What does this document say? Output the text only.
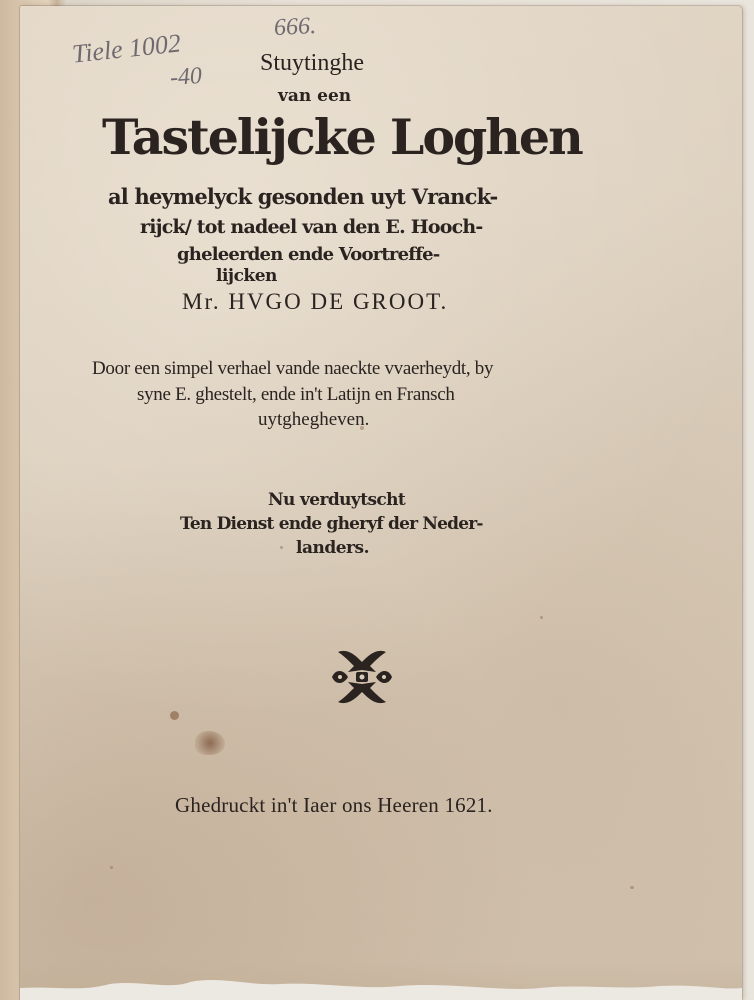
Tiele 1002
-40
666.
Stuytinghe
van een
Tastelijcke Loghen
al heymelyck gesonden uyt Vranck-
rijck/ tot nadeel van den E. Hooch-
gheleerden ende Voortreffe-
lijcken
Mr. HVGO DE GROOT.
Door een simpel verhael vande naeckte vvaerheydt, by
syne E. ghestelt, ende in't Latijn en Fransch
uytghegheven.
Nu verduytscht
Ten Dienst ende gheryf der Neder-
landers.
Ghedruckt in't Iaer ons Heeren 1621.
